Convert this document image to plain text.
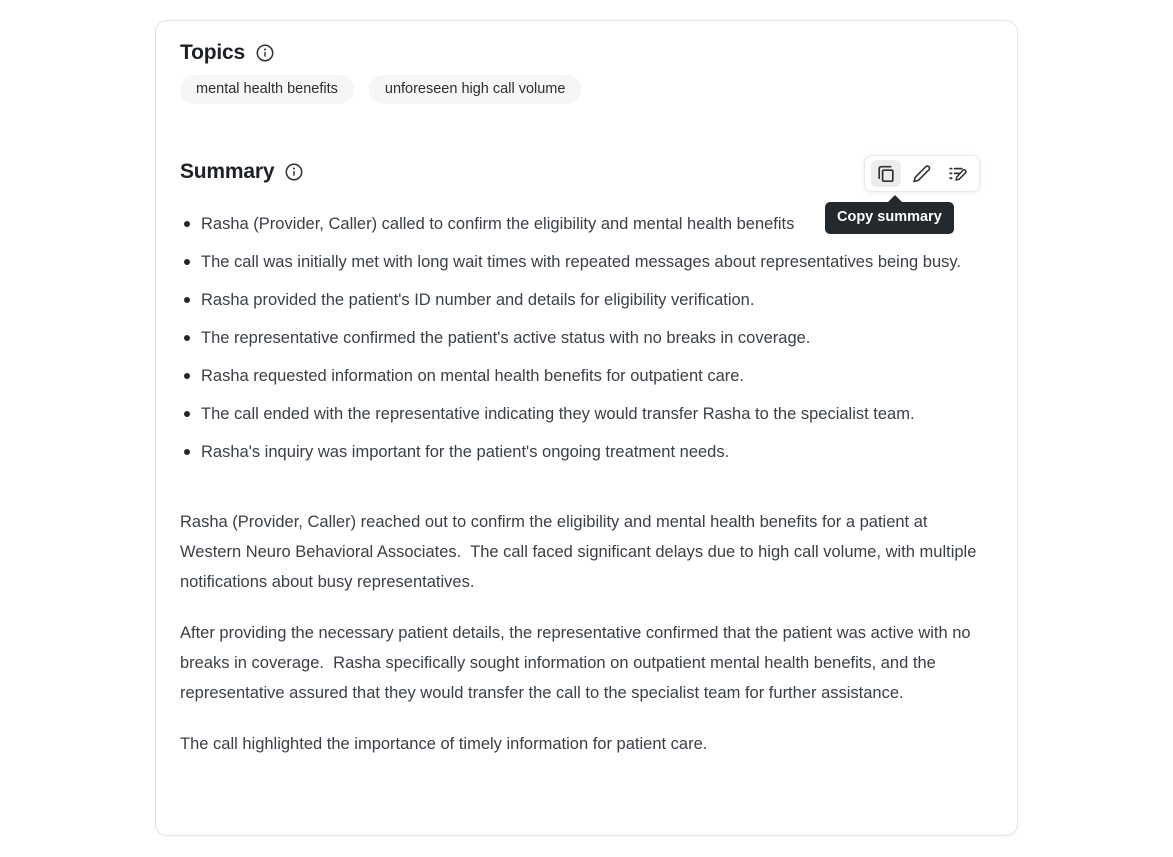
Topics
mental health benefits	unforeseen high call volume
Summary
Copy summary
Rasha (Provider, Caller) called to confirm the eligibility and mental health benefits
The call was initially met with long wait times with repeated messages about representatives being busy.
Rasha provided the patient's ID number and details for eligibility verification.
The representative confirmed the patient's active status with no breaks in coverage.
Rasha requested information on mental health benefits for outpatient care.
The call ended with the representative indicating they would transfer Rasha to the specialist team.
Rasha's inquiry was important for the patient's ongoing treatment needs.

Rasha (Provider, Caller) reached out to confirm the eligibility and mental health benefits for a patient at Western Neuro Behavioral Associates.  The call faced significant delays due to high call volume, with multiple notifications about busy representatives.

After providing the necessary patient details, the representative confirmed that the patient was active with no breaks in coverage.  Rasha specifically sought information on outpatient mental health benefits, and the representative assured that they would transfer the call to the specialist team for further assistance.

The call highlighted the importance of timely information for patient care.
